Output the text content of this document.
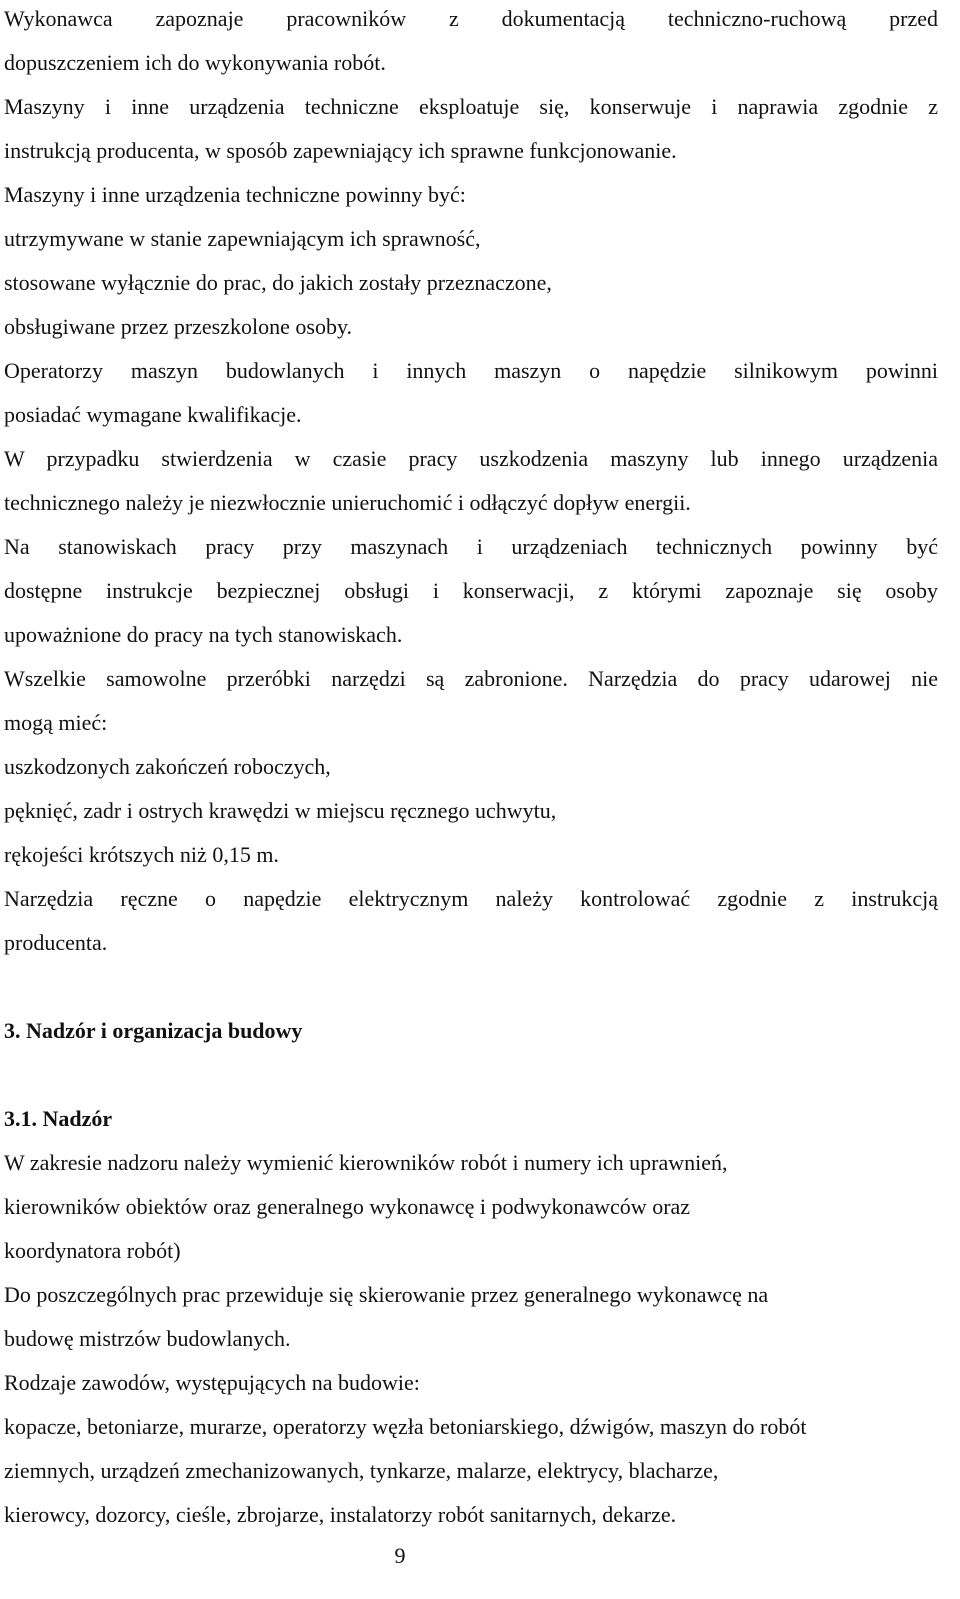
Wykonawca zapoznaje pracowników z dokumentacją techniczno-ruchową przed
dopuszczeniem ich do wykonywania robót.
Maszyny i inne urządzenia techniczne eksploatuje się, konserwuje i naprawia zgodnie z
instrukcją producenta, w sposób zapewniający ich sprawne funkcjonowanie.
Maszyny i inne urządzenia techniczne powinny być:
utrzymywane w stanie zapewniającym ich sprawność,
stosowane wyłącznie do prac, do jakich zostały przeznaczone,
obsługiwane przez przeszkolone osoby.
Operatorzy maszyn budowlanych i innych maszyn o napędzie silnikowym powinni
posiadać wymagane kwalifikacje.
W przypadku stwierdzenia w czasie pracy uszkodzenia maszyny lub innego urządzenia
technicznego należy je niezwłocznie unieruchomić i odłączyć dopływ energii.
Na stanowiskach pracy przy maszynach i urządzeniach technicznych powinny być
dostępne instrukcje bezpiecznej obsługi i konserwacji, z którymi zapoznaje się osoby
upoważnione do pracy na tych stanowiskach.
Wszelkie samowolne przeróbki narzędzi są zabronione. Narzędzia do pracy udarowej nie
mogą mieć:
uszkodzonych zakończeń roboczych,
pęknięć, zadr i ostrych krawędzi w miejscu ręcznego uchwytu,
rękojeści krótszych niż 0,15 m.
Narzędzia ręczne o napędzie elektrycznym należy kontrolować zgodnie z instrukcją
producenta.
3. Nadzór i organizacja budowy
3.1. Nadzór
W zakresie nadzoru należy wymienić kierowników robót i numery ich uprawnień,
kierowników obiektów oraz generalnego wykonawcę i podwykonawców oraz
koordynatora robót)
Do poszczególnych prac przewiduje się skierowanie przez generalnego wykonawcę na
budowę mistrzów budowlanych.
Rodzaje zawodów, występujących na budowie:
kopacze, betoniarze, murarze, operatorzy węzła betoniarskiego, dźwigów, maszyn do robót
ziemnych, urządzeń zmechanizowanych, tynkarze, malarze, elektrycy, blacharze,
kierowcy, dozorcy, cieśle, zbrojarze, instalatorzy robót sanitarnych, dekarze.
9
